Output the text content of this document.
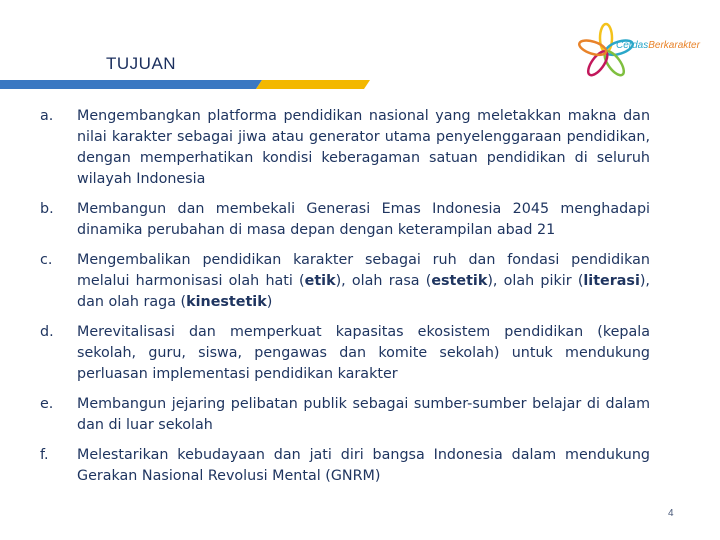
TUJUAN
CerdasBerkarakter
a.	Mengembangkan platforma pendidikan nasional yang meletakkan makna dan nilai karakter sebagai jiwa atau generator utama penyelenggaraan pendidikan, dengan memperhatikan kondisi keberagaman satuan pendidikan di seluruh wilayah Indonesia
b.	Membangun dan membekali Generasi Emas Indonesia 2045 menghadapi dinamika perubahan di masa depan dengan keterampilan abad 21
c.	Mengembalikan pendidikan karakter sebagai ruh dan fondasi pendidikan melalui harmonisasi olah hati (etik), olah rasa (estetik), olah pikir (literasi), dan olah raga (kinestetik)
d.	Merevitalisasi dan memperkuat kapasitas ekosistem pendidikan (kepala sekolah, guru, siswa, pengawas dan komite sekolah) untuk mendukung perluasan implementasi pendidikan karakter
e.	Membangun jejaring pelibatan publik sebagai sumber-sumber belajar di dalam dan di luar sekolah
f.	Melestarikan kebudayaan dan jati diri bangsa Indonesia dalam mendukung Gerakan Nasional Revolusi Mental (GNRM)
4
